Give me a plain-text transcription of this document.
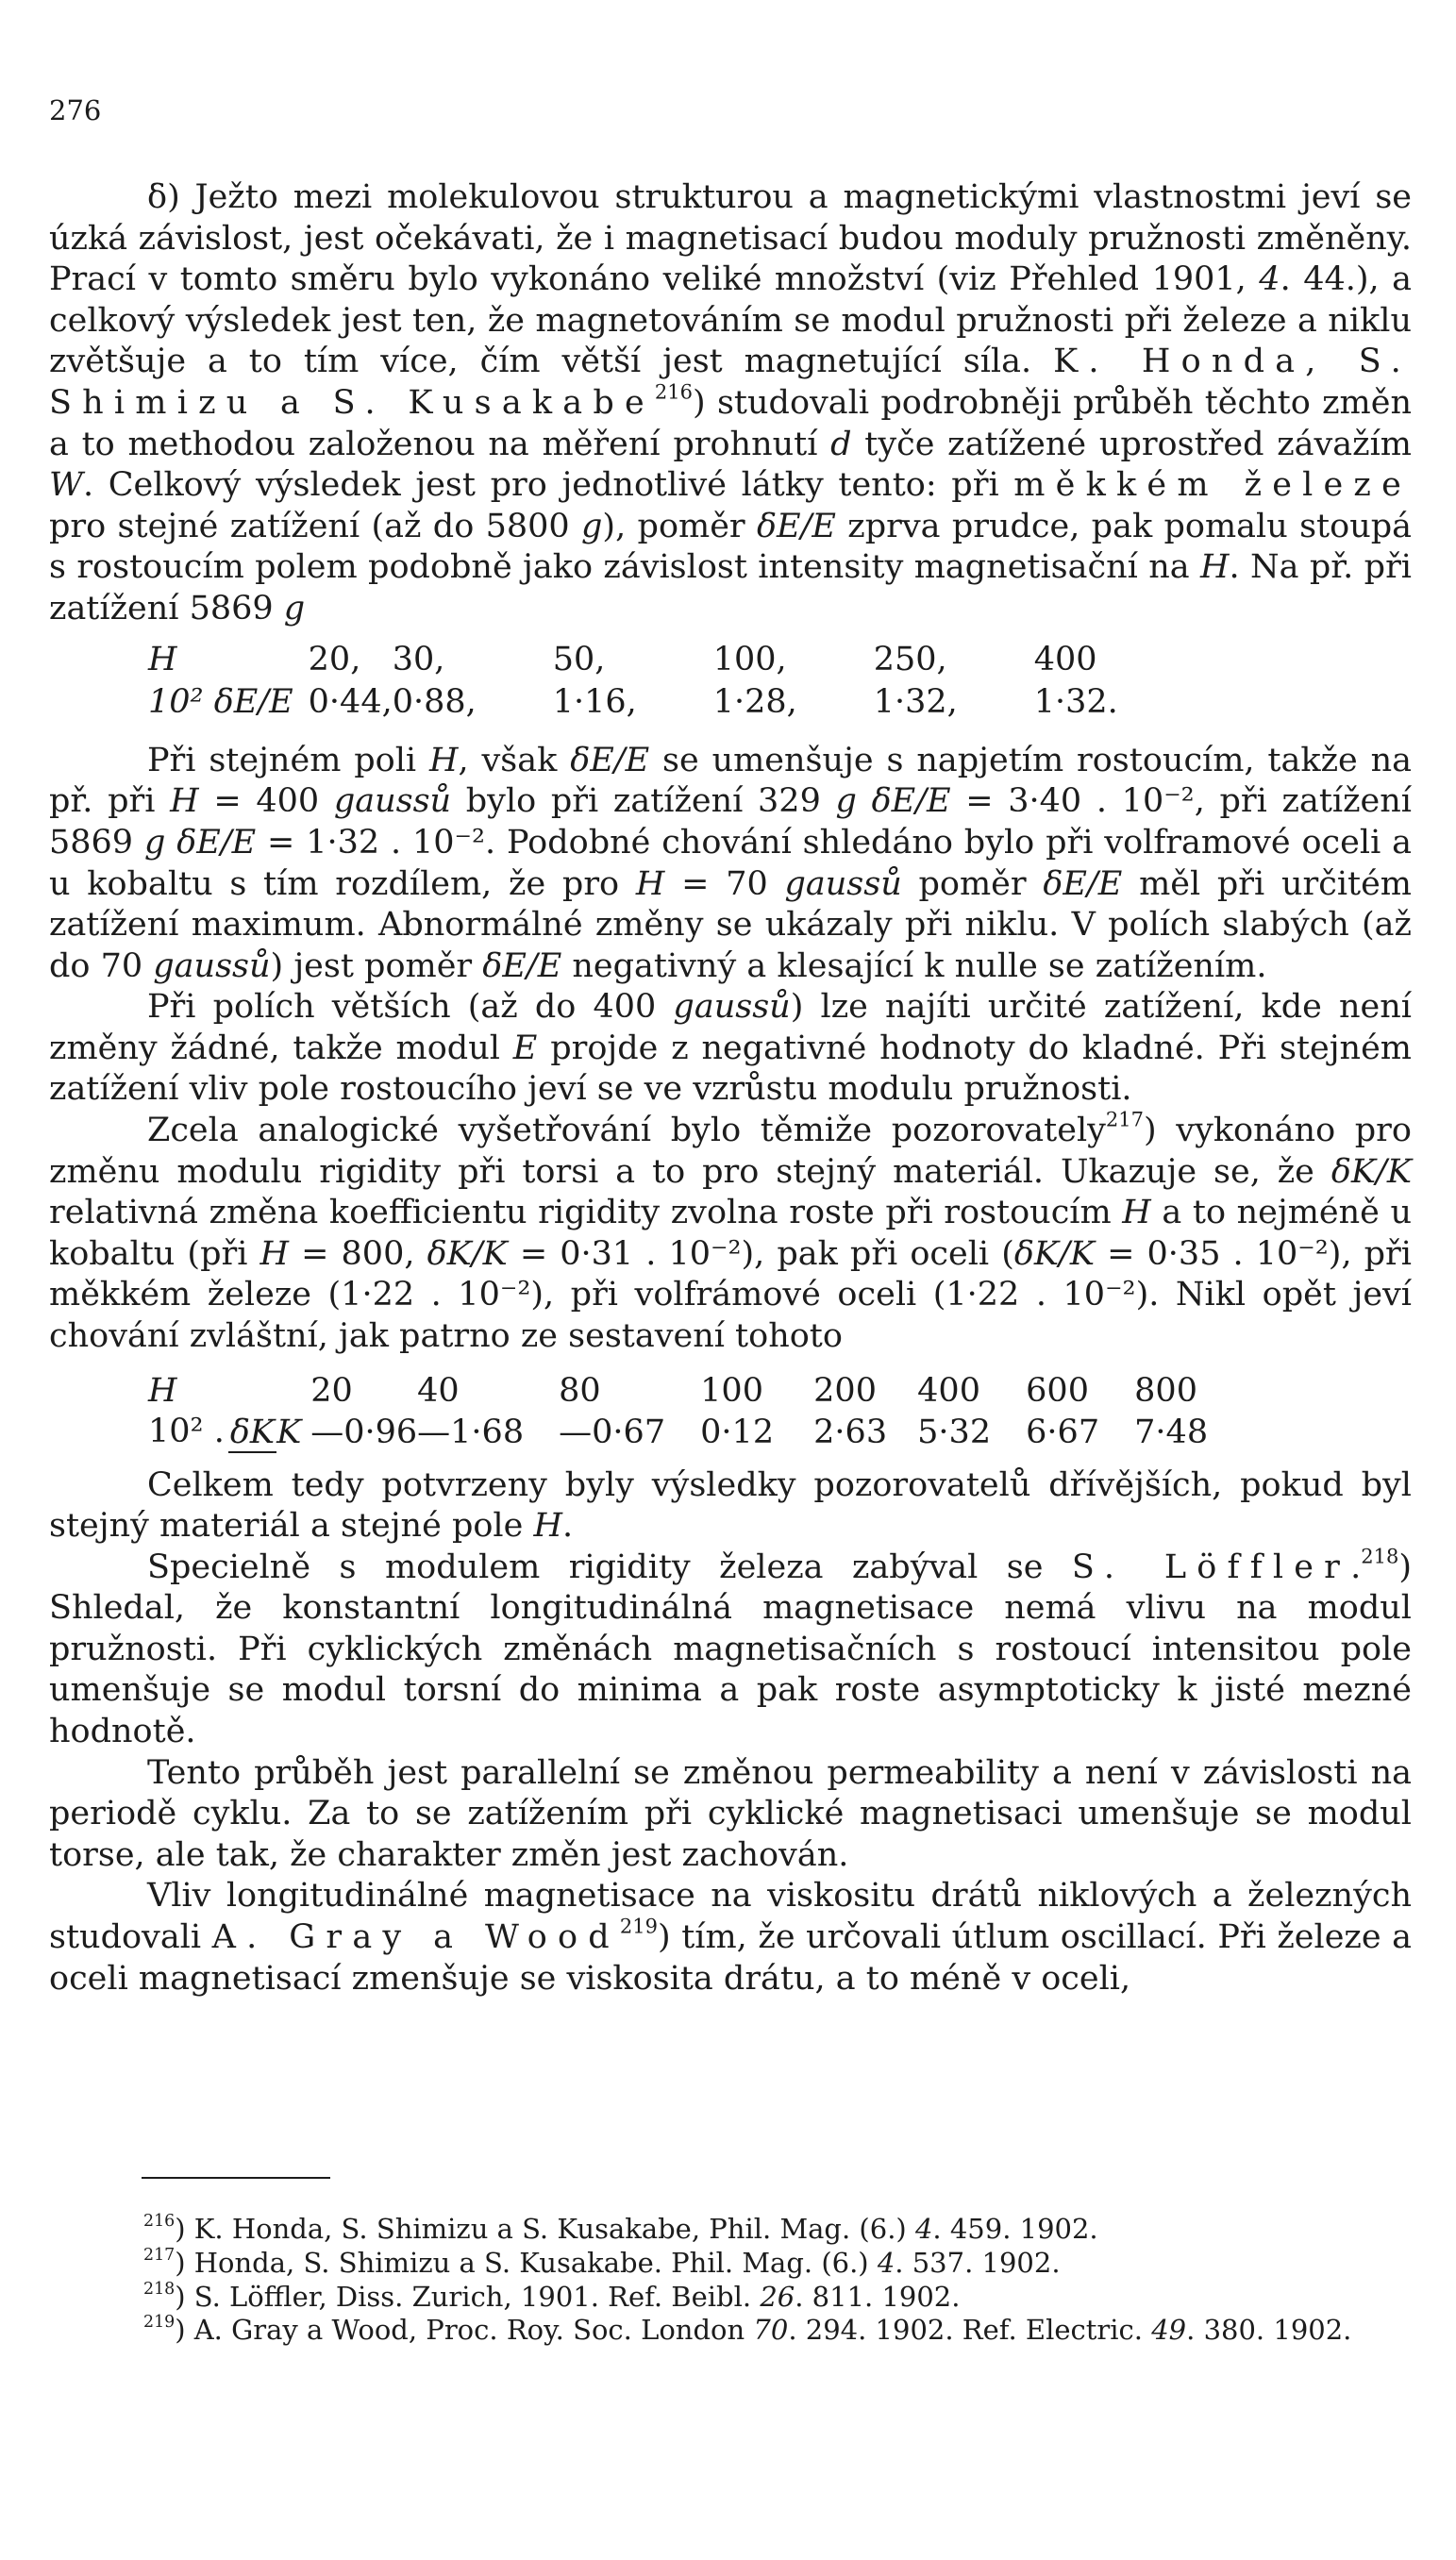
276

δ) Ježto mezi molekulovou strukturou a magnetickými vlastnostmi jeví se úzká závislost, jest očekávati, že i magnetisací budou moduly pružnosti změněny. Prací v tomto směru bylo vykonáno veliké množství (viz Přehled 1901, 4. 44.), a celkový výsledek jest ten, že magnetováním se modul pružnosti při železe a niklu zvětšuje a to tím více, čím větší jest magnetující síla. K. Honda, S. Shimizu a S. Kusakabe$^{216}$) studovali podrobněji průběh těchto změn a to methodou založenou na měření prohnutí d tyče zatížené uprostřed závažím W. Celkový výsledek jest pro jednotlivé látky tento: při měkkém železe pro stejné zatížení (až do 5800 g), poměr δE/E zprva prudce, pak pomalu stoupá s rostoucím polem podobně jako závislost intensity magnetisační na H. Na př. při zatížení 5869 g

H	20,	30,	50,	100,	250,	400
10² δE/E	0·44,	0·88,	1·16,	1·28,	1·32,	1·32.

Při stejném poli H, však δE/E se umenšuje s napjetím rostoucím, takže na př. při H = 400 gaussů bylo při zatížení 329 g δE/E = 3·40 . 10⁻², při zatížení 5869 g δE/E = 1·32 . 10⁻². Podobné chování shledáno bylo při volframové oceli a u kobaltu s tím rozdílem, že pro H = 70 gaussů poměr δE/E měl při určitém zatížení maximum. Abnormálné změny se ukázaly při niklu. V polích slabých (až do 70 gaussů) jest poměr δE/E negativný a klesající k nulle se zatížením.

Při polích větších (až do 400 gaussů) lze najíti určité zatížení, kde není změny žádné, takže modul E projde z negativné hodnoty do kladné. Při stejném zatížení vliv pole rostoucího jeví se ve vzrůstu modulu pružnosti.

Zcela analogické vyšetřování bylo těmiže pozorovately$^{217}$) vykonáno pro změnu modulu rigidity při torsi a to pro stejný materiál. Ukazuje se, že δK/K relativná změna koefficientu rigidity zvolna roste při rostoucím H a to nejméně u kobaltu (při H = 800, δK/K = 0·31 . 10⁻²), pak při oceli (δK/K = 0·35 . 10⁻²), při měkkém železe (1·22 . 10⁻²), při volfrámové oceli (1·22 . 10⁻²). Nikl opět jeví chování zvláštní, jak patrno ze sestavení tohoto

H	20	40	80	100	200	400	600	800
10² . δKK	—0·96	—1·68	—0·67	0·12	2·63	5·32	6·67	7·48

Celkem tedy potvrzeny byly výsledky pozorovatelů dřívějších, pokud byl stejný materiál a stejné pole H.

Specielně s modulem rigidity železa zabýval se S. Löffler.$^{218}$) Shledal, že konstantní longitudinálná magnetisace nemá vlivu na modul pružnosti. Při cyklických změnách magnetisačních s rostoucí intensitou pole umenšuje se modul torsní do minima a pak roste asymptoticky k jisté mezné hodnotě.

Tento průběh jest parallelní se změnou permeability a není v závislosti na periodě cyklu. Za to se zatížením při cyklické magnetisaci umenšuje se modul torse, ale tak, že charakter změn jest zachován.

Vliv longitudinálné magnetisace na viskositu drátů niklových a železných studovali A. Gray a Wood$^{219}$) tím, že určovali útlum oscillací. Při železe a oceli magnetisací zmenšuje se viskosita drátu, a to méně v oceli,

$^{216}$) K. Honda, S. Shimizu a S. Kusakabe, Phil. Mag. (6.) 4. 459. 1902.

$^{217}$) Honda, S. Shimizu a S. Kusakabe. Phil. Mag. (6.) 4. 537. 1902.

$^{218}$) S. Löffler, Diss. Zurich, 1901. Ref. Beibl. 26. 811. 1902.

$^{219}$) A. Gray a Wood, Proc. Roy. Soc. London 70. 294. 1902. Ref. Electric. 49. 380. 1902.
